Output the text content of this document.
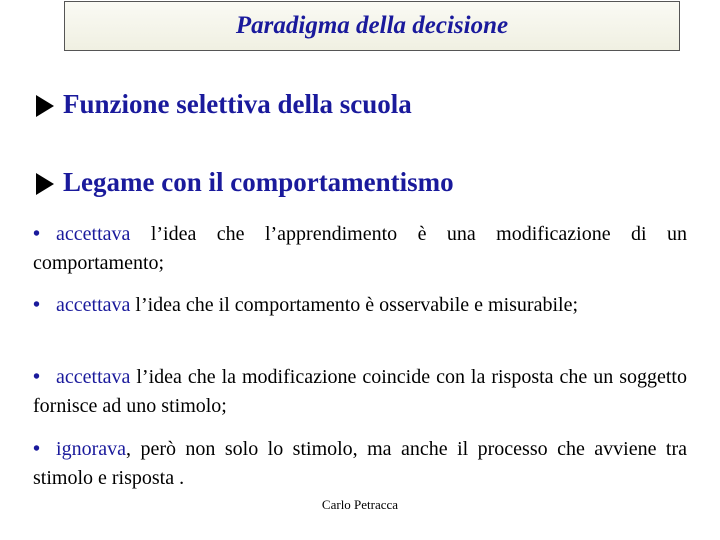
Paradigma della decisione
Funzione selettiva della scuola
Legame con il comportamentismo
• accettava l’idea che l’apprendimento è una modificazione di un comportamento;
• accettava l’idea che il comportamento è osservabile e misurabile;
• accettava l’idea che la modificazione coincide con la risposta che un soggetto fornisce ad uno stimolo;
• ignorava, però non solo lo stimolo, ma anche il processo che avviene tra stimolo e risposta .
Carlo Petracca
